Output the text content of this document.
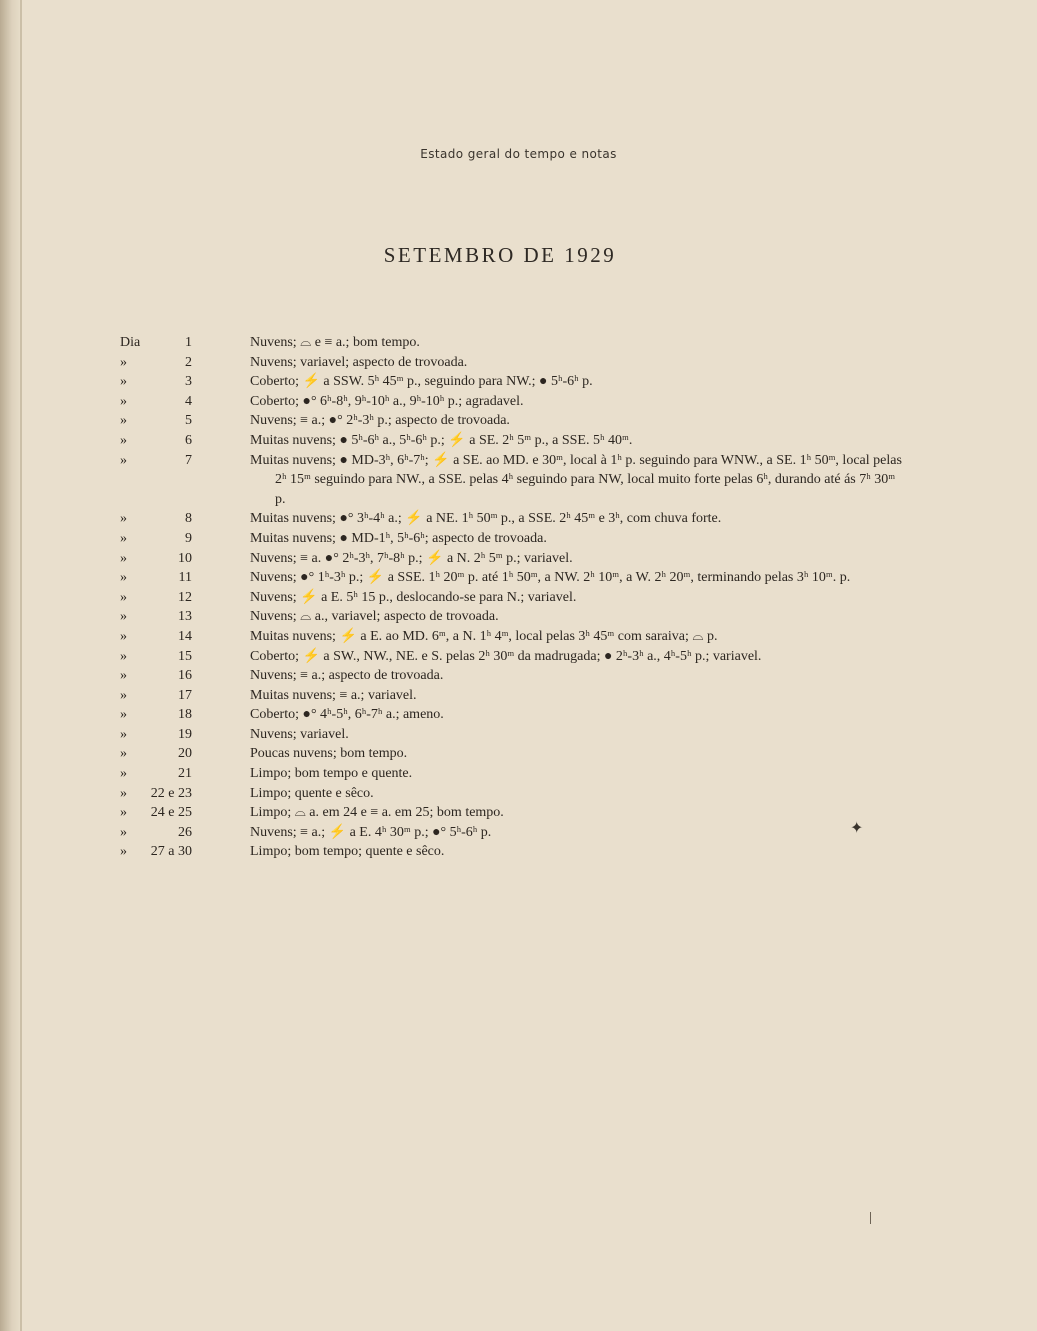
Estado geral do tempo e notas
SETEMBRO DE 1929
Dia	1	Nuvens; ⌓ e ≡ a.; bom tempo.
»	2	Nuvens; variavel; aspecto de trovoada.
»	3	Coberto; ⚡ a SSW. 5ʰ 45ᵐ p., seguindo para NW.; ● 5ʰ-6ʰ p.
»	4	Coberto; ●° 6ʰ-8ʰ, 9ʰ-10ʰ a., 9ʰ-10ʰ p.; agradavel.
»	5	Nuvens; ≡ a.; ●° 2ʰ-3ʰ p.; aspecto de trovoada.
»	6	Muitas nuvens; ● 5ʰ-6ʰ a., 5ʰ-6ʰ p.; ⚡ a SE. 2ʰ 5ᵐ p., a SSE. 5ʰ 40ᵐ.
»	7	Muitas nuvens; ● MD-3ʰ, 6ʰ-7ʰ; ⚡ a SE. ao MD. e 30ᵐ, local à 1ʰ p. seguindo para WNW., a SE. 1ʰ 50ᵐ, local pelas 2ʰ 15ᵐ seguindo para NW., a SSE. pelas 4ʰ seguindo para NW, local muito forte pelas 6ʰ, durando até ás 7ʰ 30ᵐ p.
»	8	Muitas nuvens; ●° 3ʰ-4ʰ a.; ⚡ a NE. 1ʰ 50ᵐ p., a SSE. 2ʰ 45ᵐ e 3ʰ, com chuva forte.
»	9	Muitas nuvens; ● MD-1ʰ, 5ʰ-6ʰ; aspecto de trovoada.
»	10	Nuvens; ≡ a. ●° 2ʰ-3ʰ, 7ʰ-8ʰ p.; ⚡ a N. 2ʰ 5ᵐ p.; variavel.
»	11	Nuvens; ●° 1ʰ-3ʰ p.; ⚡ a SSE. 1ʰ 20ᵐ p. até 1ʰ 50ᵐ, a NW. 2ʰ 10ᵐ, a W. 2ʰ 20ᵐ, terminando pelas 3ʰ 10ᵐ. p.
»	12	Nuvens; ⚡ a E. 5ʰ 15 p., deslocando-se para N.; variavel.
»	13	Nuvens; ⌓ a., variavel; aspecto de trovoada.
»	14	Muitas nuvens; ⚡ a E. ao MD. 6ᵐ, a N. 1ʰ 4ᵐ, local pelas 3ʰ 45ᵐ com saraiva; ⌓ p.
»	15	Coberto; ⚡ a SW., NW., NE. e S. pelas 2ʰ 30ᵐ da madrugada; ● 2ʰ-3ʰ a., 4ʰ-5ʰ p.; variavel.
»	16	Nuvens; ≡ a.; aspecto de trovoada.
»	17	Muitas nuvens; ≡ a.; variavel.
»	18	Coberto; ●° 4ʰ-5ʰ, 6ʰ-7ʰ a.; ameno.
»	19	Nuvens; variavel.
»	20	Poucas nuvens; bom tempo.
»	21	Limpo; bom tempo e quente.
»	22 e 23	Limpo; quente e sêco.
»	24 e 25	Limpo; ⌓ a. em 24 e ≡ a. em 25; bom tempo.
»	26	Nuvens; ≡ a.; ⚡ a E. 4ʰ 30ᵐ p.; ●° 5ʰ-6ʰ p.
»	27 a 30	Limpo; bom tempo; quente e sêco.
✦
